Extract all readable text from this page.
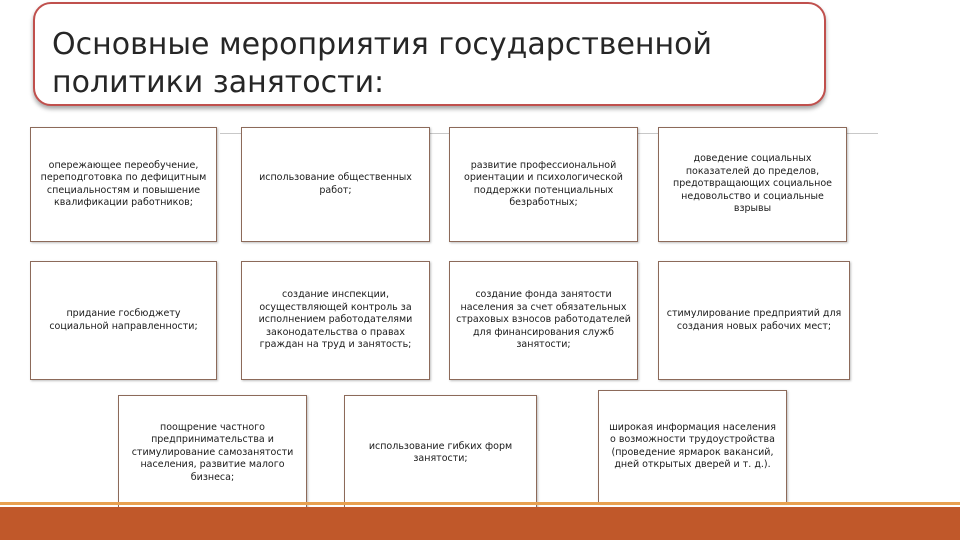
Основные мероприятия государственной
политики занятости:
опережающее переобучение, переподготовка по дефицитным специальностям и повышение квалификации работников;
использование общественных работ;
развитие профессиональной ориентации и психологической поддержки потенциальных безработных;
доведение социальных показателей до пределов, предотвращающих социальное недовольство и социальные взрывы
придание госбюджету социальной направленности;
создание инспекции, осуществляющей контроль за исполнением работодателями законодательства о правах граждан на труд и занятость;
создание фонда занятости населения за счет обязательных страховых взносов работодателей для финансирования служб занятости;
стимулирование предприятий для создания новых рабочих мест;
поощрение частного предпринимательства и стимулирование самозанятости населения, развитие малого бизнеса;
использование гибких форм занятости;
широкая информация населения о возможности трудоустройства (проведение ярмарок вакансий, дней открытых дверей и т. д.).
